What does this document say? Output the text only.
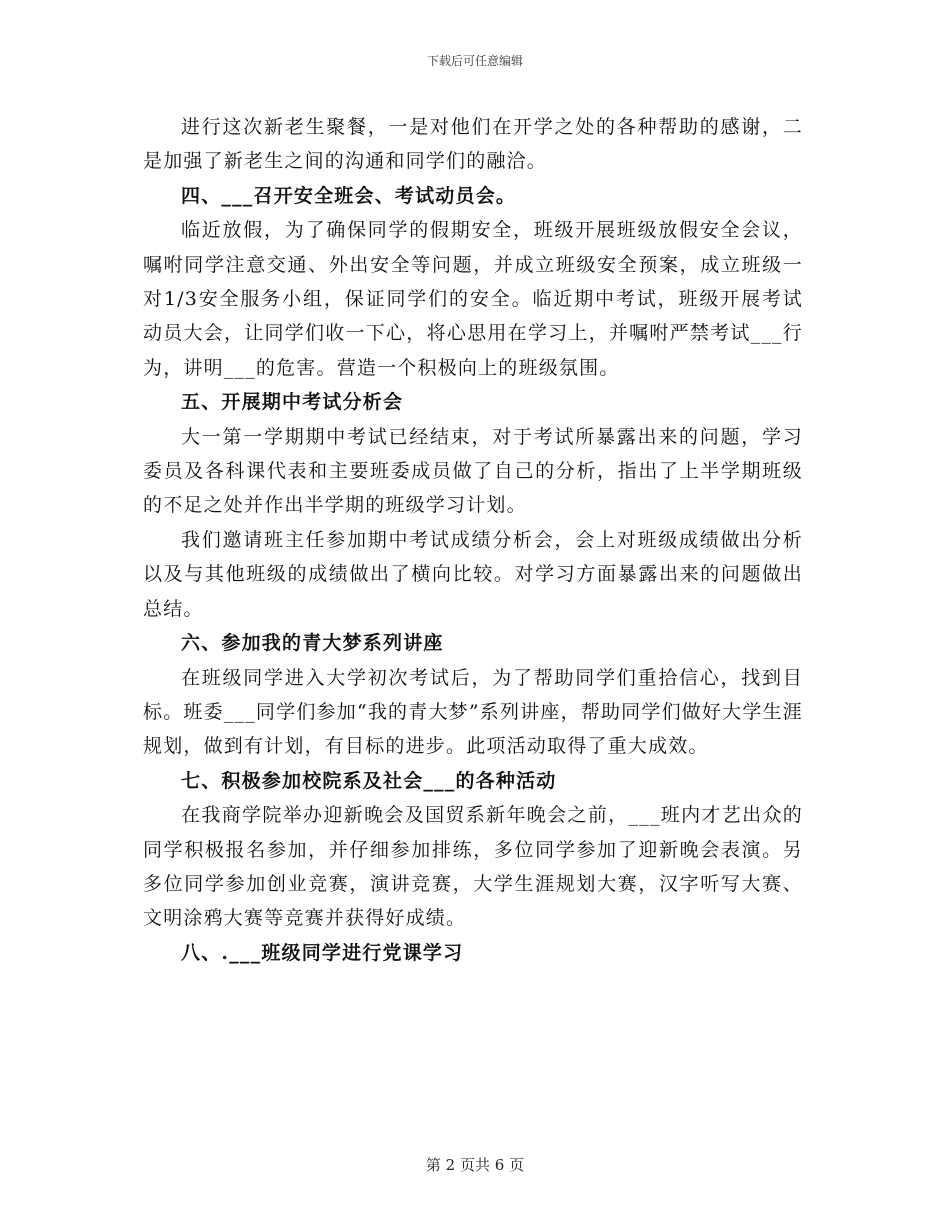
下载后可任意编辑

进行这次新老生聚餐，一是对他们在开学之处的各种帮助的感谢，二是加强了新老生之间的沟通和同学们的融洽。

四、___召开安全班会、考试动员会。

临近放假，为了确保同学的假期安全，班级开展班级放假安全会议，嘱咐同学注意交通、外出安全等问题，并成立班级安全预案，成立班级一对1/3安全服务小组，保证同学们的安全。临近期中考试，班级开展考试动员大会，让同学们收一下心，将心思用在学习上，并嘱咐严禁考试___行为，讲明___的危害。营造一个积极向上的班级氛围。

五、开展期中考试分析会

大一第一学期期中考试已经结束，对于考试所暴露出来的问题，学习委员及各科课代表和主要班委成员做了自己的分析，指出了上半学期班级的不足之处并作出半学期的班级学习计划。

我们邀请班主任参加期中考试成绩分析会，会上对班级成绩做出分析以及与其他班级的成绩做出了横向比较。对学习方面暴露出来的问题做出总结。

六、参加我的青大梦系列讲座

在班级同学进入大学初次考试后，为了帮助同学们重拾信心，找到目标。班委___同学们参加“我的青大梦”系列讲座，帮助同学们做好大学生涯规划，做到有计划，有目标的进步。此项活动取得了重大成效。

七、积极参加校院系及社会___的各种活动

在我商学院举办迎新晚会及国贸系新年晚会之前，___班内才艺出众的同学积极报名参加，并仔细参加排练，多位同学参加了迎新晚会表演。另多位同学参加创业竞赛，演讲竞赛，大学生涯规划大赛，汉字听写大赛、文明涂鸦大赛等竞赛并获得好成绩。

八、.___班级同学进行党课学习

第 2 页共 6 页
